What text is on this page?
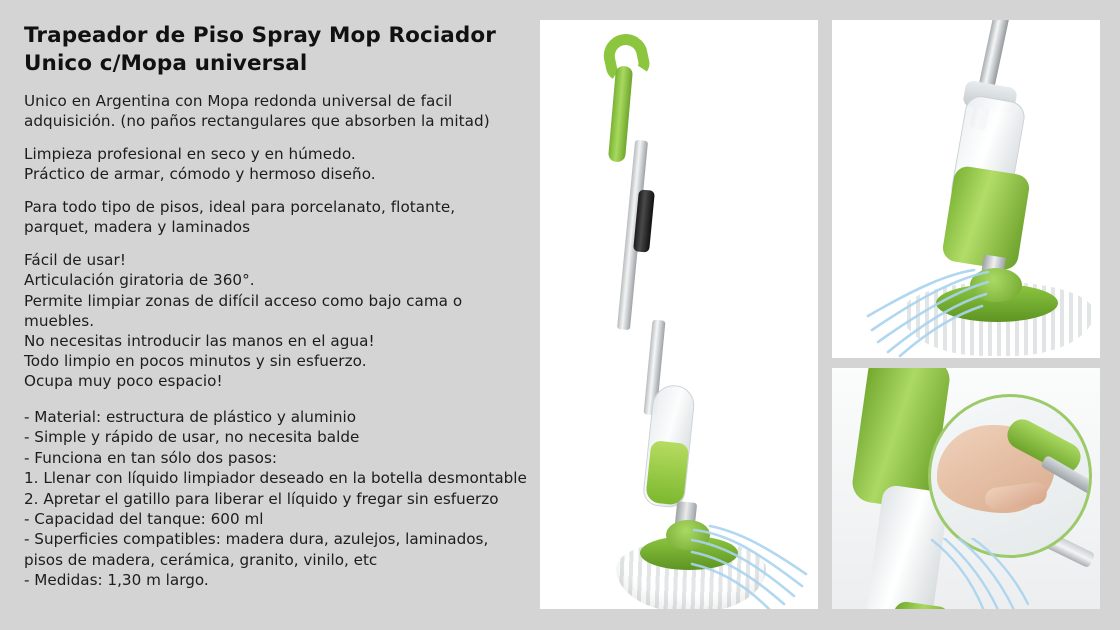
Trapeador de Piso Spray Mop Rociador Unico c/Mopa universal

Unico en Argentina con Mopa redonda universal de facil
adquisición. (no paños rectangulares que absorben la mitad)

Limpieza profesional en seco y en húmedo.
Práctico de armar, cómodo y hermoso diseño.

Para todo tipo de pisos, ideal para porcelanato, flotante,
parquet, madera y laminados

Fácil de usar!
Articulación giratoria de 360°.
Permite limpiar zonas de difícil acceso como bajo cama o
muebles.
No necesitas introducir las manos en el agua!
Todo limpio en pocos minutos y sin esfuerzo.
Ocupa muy poco espacio!

- Material: estructura de plástico y aluminio
- Simple y rápido de usar, no necesita balde
- Funciona en tan sólo dos pasos:
1. Llenar con líquido limpiador deseado en la botella desmontable
2. Apretar el gatillo para liberar el líquido y fregar sin esfuerzo
- Capacidad del tanque: 600 ml
- Superficies compatibles: madera dura, azulejos, laminados,
pisos de madera, cerámica, granito, vinilo, etc
- Medidas: 1,30 m largo.
